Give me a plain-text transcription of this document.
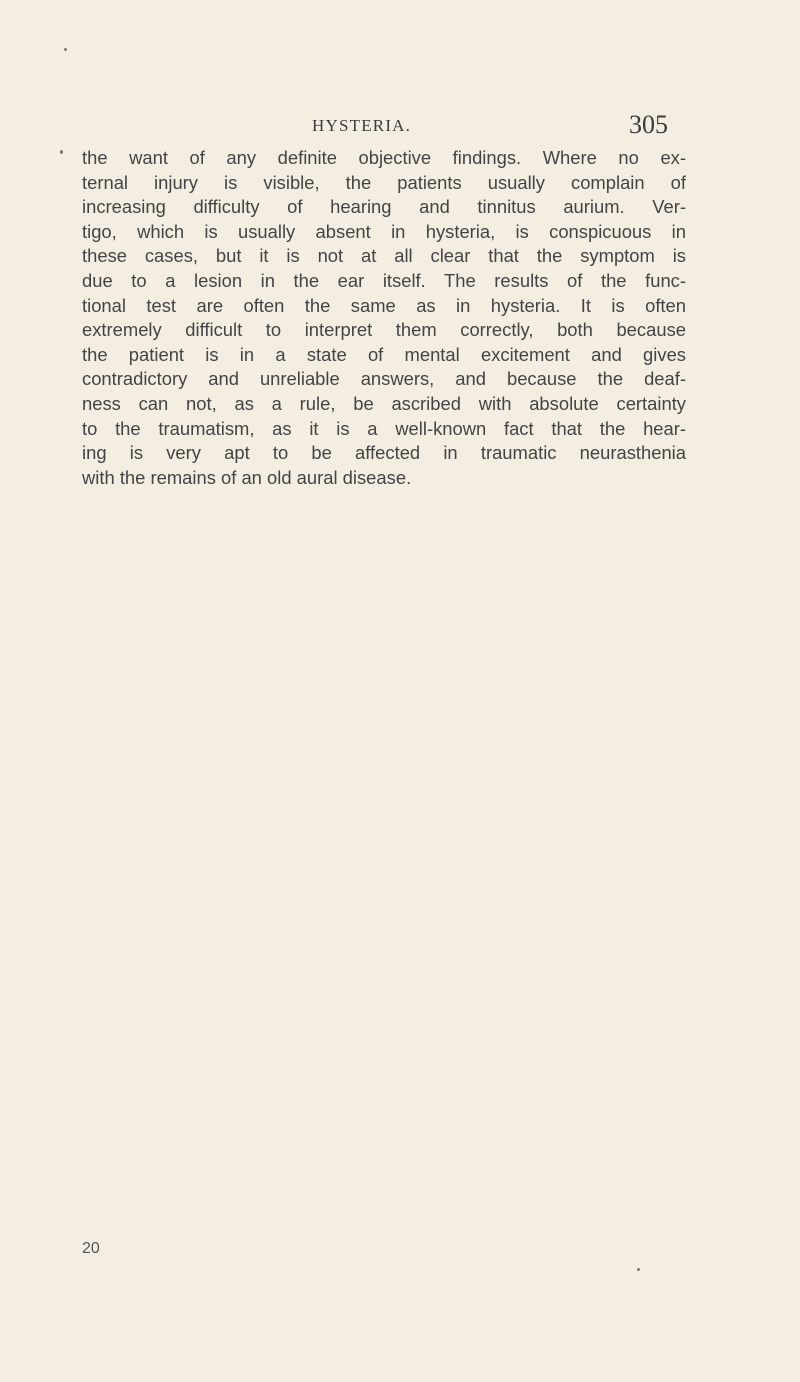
HYSTERIA.	305
the want of any definite objective findings. Where no ex-
ternal injury is visible, the patients usually complain of
increasing difficulty of hearing and tinnitus aurium. Ver-
tigo, which is usually absent in hysteria, is conspicuous in
these cases, but it is not at all clear that the symptom is
due to a lesion in the ear itself. The results of the func-
tional test are often the same as in hysteria. It is often
extremely difficult to interpret them correctly, both because
the patient is in a state of mental excitement and gives
contradictory and unreliable answers, and because the deaf-
ness can not, as a rule, be ascribed with absolute certainty
to the traumatism, as it is a well-known fact that the hear-
ing is very apt to be affected in traumatic neurasthenia
with the remains of an old aural disease.
20
